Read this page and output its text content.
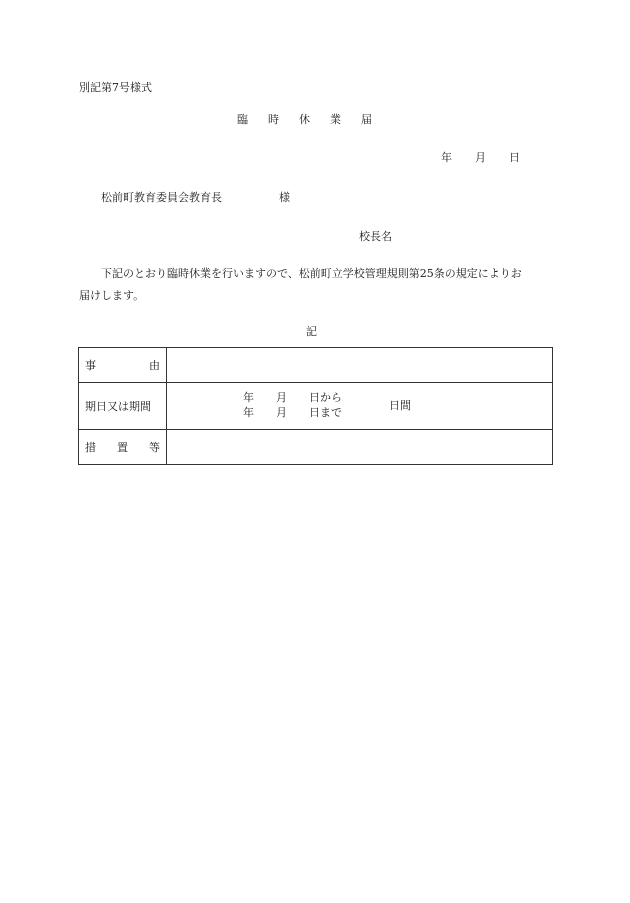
別記第7号様式
臨 時 休 業 届
年 月 日
松前町教育委員会教育長	様
校長名
下記のとおり臨時休業を行いますので、松前町立学校管理規則第25条の規定によりお
届けします。
記
事 由	

期日又は期間	年 月 日から
年 月 日まで
日間

措 置 等	
